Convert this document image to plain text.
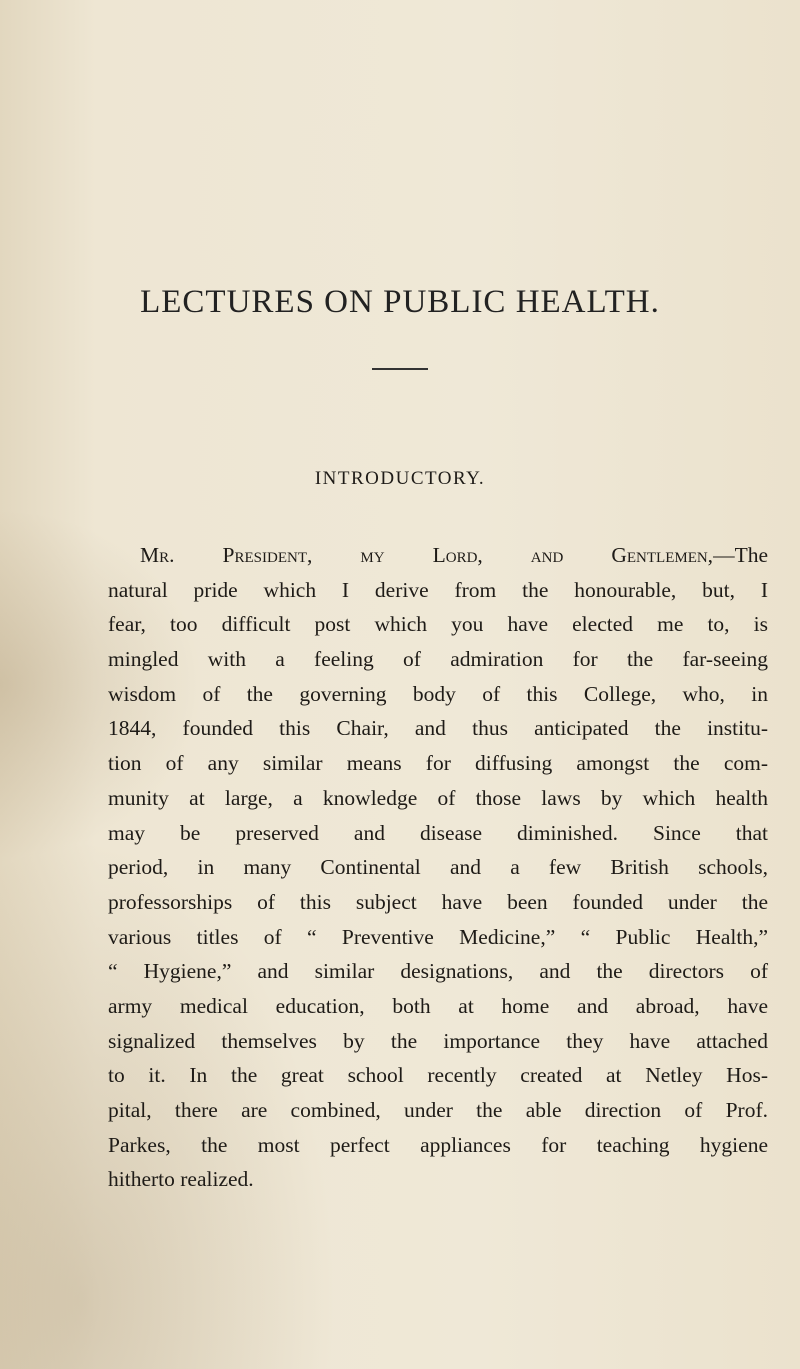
LECTURES ON PUBLIC HEALTH.
INTRODUCTORY.
Mr. President, my Lord, and Gentlemen,—The
natural pride which I derive from the honourable, but, I
fear, too difficult post which you have elected me to, is
mingled with a feeling of admiration for the far-seeing
wisdom of the governing body of this College, who, in
1844, founded this Chair, and thus anticipated the institu-
tion of any similar means for diffusing amongst the com-
munity at large, a knowledge of those laws by which health
may be preserved and disease diminished. Since that
period, in many Continental and a few British schools,
professorships of this subject have been founded under the
various titles of “ Preventive Medicine,” “ Public Health,”
“ Hygiene,” and similar designations, and the directors of
army medical education, both at home and abroad, have
signalized themselves by the importance they have attached
to it. In the great school recently created at Netley Hos-
pital, there are combined, under the able direction of Prof.
Parkes, the most perfect appliances for teaching hygiene
hitherto realized.
